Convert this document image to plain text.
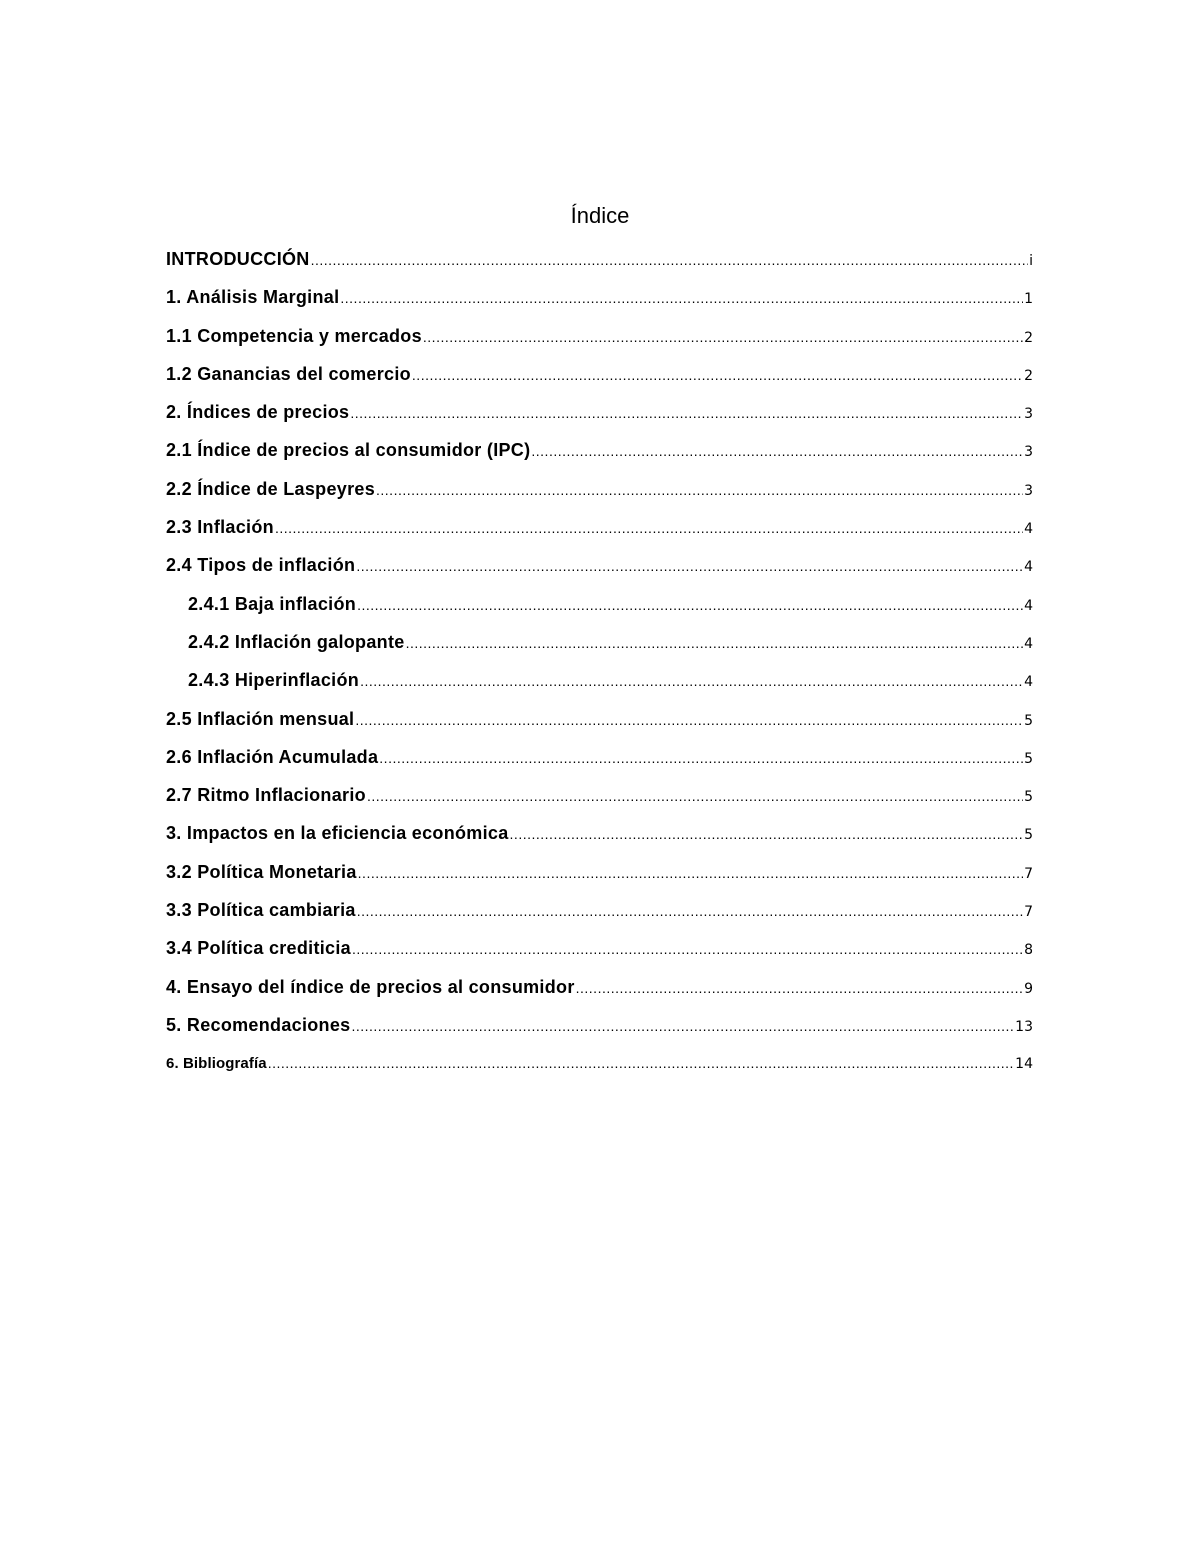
Índice
INTRODUCCIÓN .....	i
1. Análisis Marginal .....	1
1.1 Competencia y mercados .....	2
1.2 Ganancias del comercio .....	2
2. Índices de precios .....	3
2.1 Índice de precios al consumidor (IPC) .....	3
2.2 Índice de Laspeyres .....	3
2.3 Inflación .....	4
2.4 Tipos de inflación .....	4
2.4.1 Baja inflación .....	4
2.4.2 Inflación galopante .....	4
2.4.3 Hiperinflación .....	4
2.5 Inflación mensual .....	5
2.6 Inflación Acumulada .....	5
2.7 Ritmo Inflacionario .....	5
3. Impactos en la eficiencia económica .....	5
3.2 Política Monetaria .....	7
3.3 Política cambiaria .....	7
3.4 Política crediticia .....	8
4. Ensayo del índice de precios al consumidor .....	9
5. Recomendaciones .....	13
6. Bibliografía .....	14
